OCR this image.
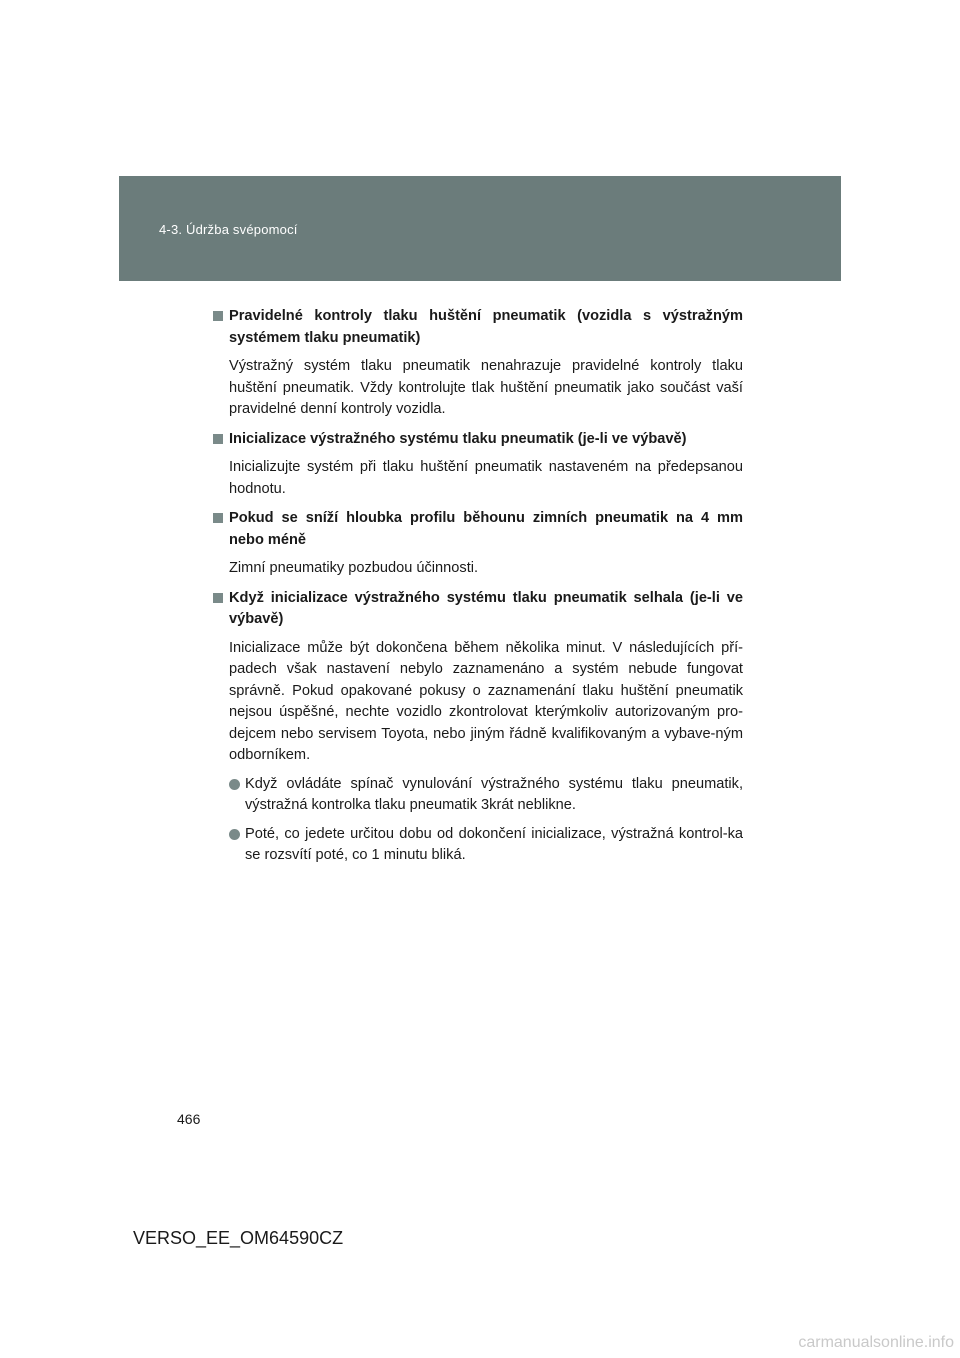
4-3. Údržba svépomocí
Pravidelné kontroly tlaku huštění pneumatik (vozidla s výstražným systémem tlaku pneumatik)
Výstražný systém tlaku pneumatik nenahrazuje pravidelné kontroly tlaku huštění pneumatik. Vždy kontrolujte tlak huštění pneumatik jako součást vaší pravidelné denní kontroly vozidla.
Inicializace výstražného systému tlaku pneumatik (je-li ve výbavě)
Inicializujte systém při tlaku huštění pneumatik nastaveném na předepsanou hodnotu.
Pokud se sníží hloubka profilu běhounu zimních pneumatik na 4 mm nebo méně
Zimní pneumatiky pozbudou účinnosti.
Když inicializace výstražného systému tlaku pneumatik selhala (je-li ve výbavě)
Inicializace může být dokončena během několika minut. V následujících pří-padech však nastavení nebylo zaznamenáno a systém nebude fungovat správně. Pokud opakované pokusy o zaznamenání tlaku huštění pneumatik nejsou úspěšné, nechte vozidlo zkontrolovat kterýmkoliv autorizovaným pro-dejcem nebo servisem Toyota, nebo jiným řádně kvalifikovaným a vybave-ným odborníkem.
Když ovládáte spínač vynulování výstražného systému tlaku pneumatik, výstražná kontrolka tlaku pneumatik 3krát neblikne.
Poté, co jedete určitou dobu od dokončení inicializace, výstražná kontrol-ka se rozsvítí poté, co 1 minutu bliká.
466
VERSO_EE_OM64590CZ
carmanualsonline.info
